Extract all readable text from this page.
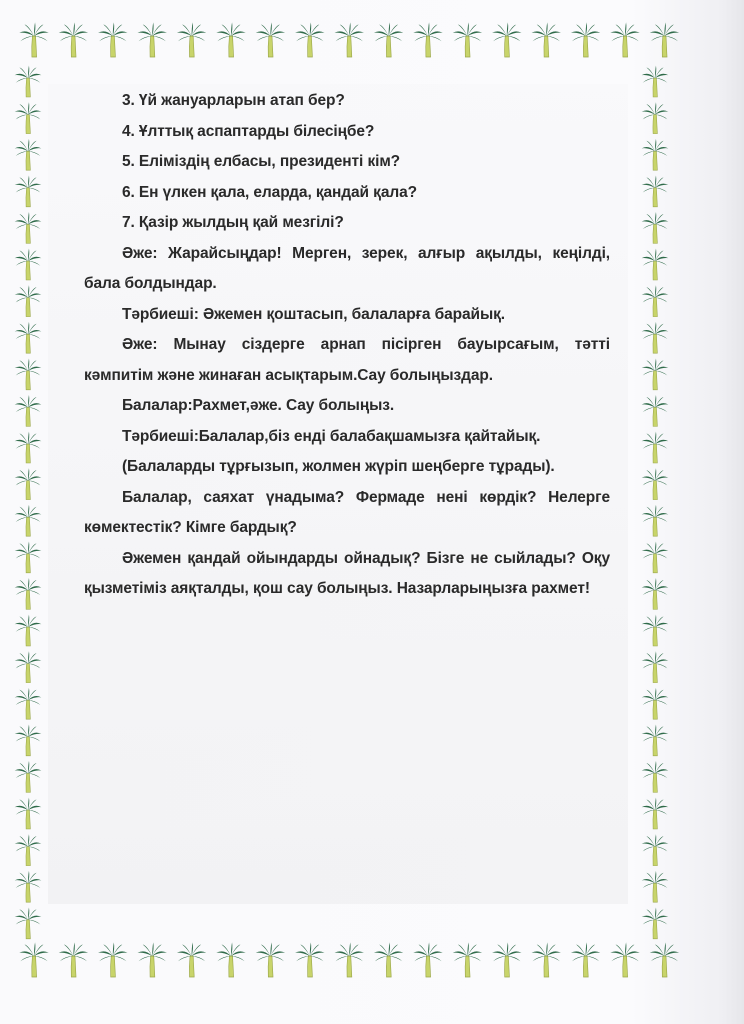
3. Үй жануарларын атап бер?

4. Ұлттық аспаптарды білесіңбе?

5. Еліміздің елбасы, президенті кім?

6. Ен үлкен қала, еларда, қандай қала?

7. Қазір жылдың қай мезгілі?

Әже: Жарайсыңдар! Мерген, зерек, алғыр ақылды, кеңілді, бала болдындар.

Тәрбиеші: Әжемен қоштасып, балаларға барайық.

Әже: Мынау сіздерге арнап пісірген бауырсағым, тәтті кәмпитім және жинаған асықтарым.Сау болыңыздар.

Балалар:Рахмет,әже. Сау болыңыз.

Тәрбиеші:Балалар,біз енді балабақшамызға қайтайық.

(Балаларды тұрғызып, жолмен жүріп шеңберге тұрады).

Балалар, саяхат үнадыма? Фермаде нені көрдік? Нелерге көмектестік? Кімге бардық?

Әжемен қандай ойындарды ойнадық? Бізге не сыйлады? Оқу қызметіміз аяқталды, қош сау болыңыз. Назарларыңызға рахмет!
